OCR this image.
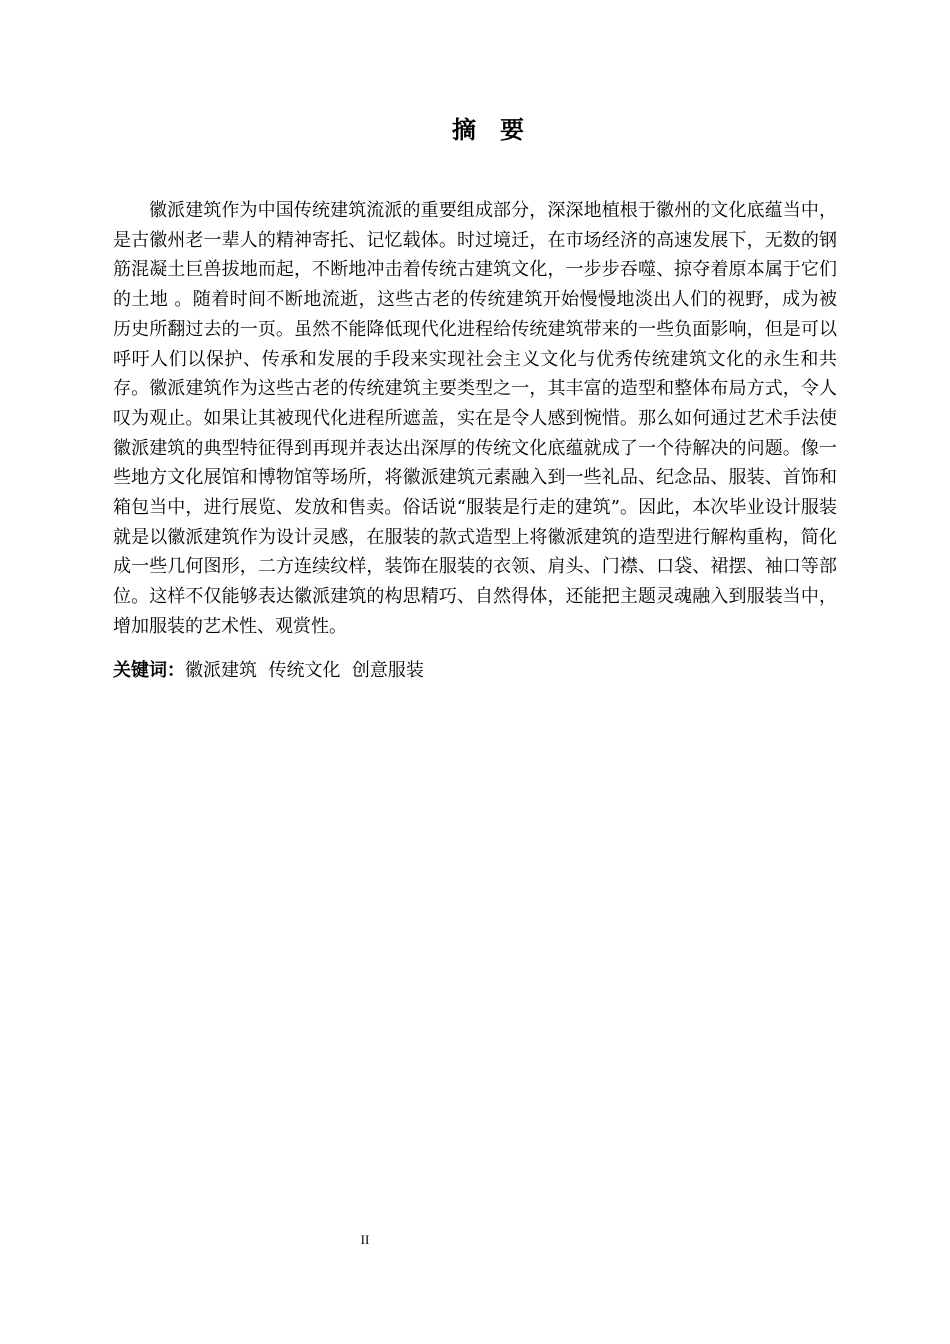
摘要

徽派建筑作为中国传统建筑流派的重要组成部分，深深地植根于徽州的文化底蕴当中，是古徽州老一辈人的精神寄托、记忆载体。时过境迁，在市场经济的高速发展下，无数的钢筋混凝土巨兽拔地而起，不断地冲击着传统古建筑文化，一步步吞噬、掠夺着原本属于它们的土地 。随着时间不断地流逝，这些古老的传统建筑开始慢慢地淡出人们的视野，成为被历史所翻过去的一页。虽然不能降低现代化进程给传统建筑带来的一些负面影响，但是可以呼吁人们以保护、传承和发展的手段来实现社会主义文化与优秀传统建筑文化的永生和共存。徽派建筑作为这些古老的传统建筑主要类型之一，其丰富的造型和整体布局方式，令人叹为观止。如果让其被现代化进程所遮盖，实在是令人感到惋惜。那么如何通过艺术手法使徽派建筑的典型特征得到再现并表达出深厚的传统文化底蕴就成了一个待解决的问题。像一些地方文化展馆和博物馆等场所，将徽派建筑元素融入到一些礼品、纪念品、服装、首饰和箱包当中，进行展览、发放和售卖。俗话说“服装是行走的建筑”。因此，本次毕业设计服装就是以徽派建筑作为设计灵感，在服装的款式造型上将徽派建筑的造型进行解构重构，简化成一些几何图形，二方连续纹样，装饰在服装的衣领、肩头、门襟、口袋、裙摆、袖口等部位。这样不仅能够表达徽派建筑的构思精巧、自然得体，还能把主题灵魂融入到服装当中，增加服装的艺术性、观赏性。

关键词：徽派建筑  传统文化  创意服装

II
